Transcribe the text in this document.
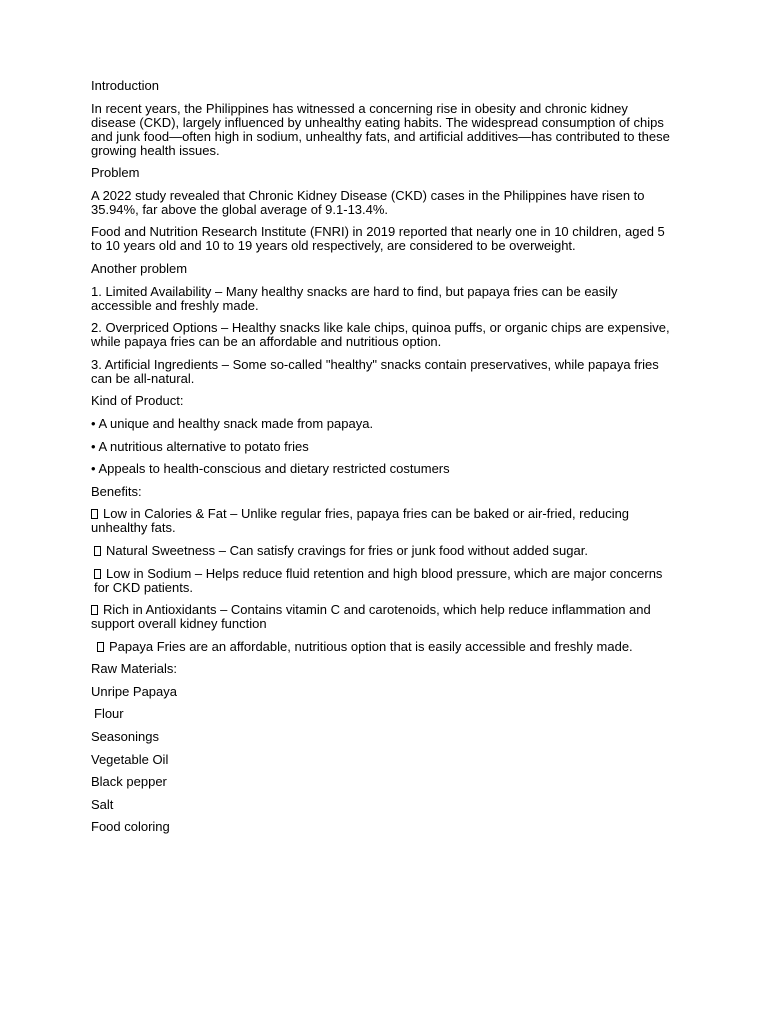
Introduction

In recent years, the Philippines has witnessed a concerning rise in obesity and chronic kidney disease (CKD), largely influenced by unhealthy eating habits. The widespread consumption of chips and junk food—often high in sodium, unhealthy fats, and artificial additives—has contributed to these growing health issues.

Problem

A 2022 study revealed that Chronic Kidney Disease (CKD) cases in the Philippines have risen to 35.94%, far above the global average of 9.1-13.4%.

Food and Nutrition Research Institute (FNRI) in 2019 reported that nearly one in 10 children, aged 5 to 10 years old and 10 to 19 years old respectively, are considered to be overweight.

Another problem

1. Limited Availability – Many healthy snacks are hard to find, but papaya fries can be easily accessible and freshly made.

2. Overpriced Options – Healthy snacks like kale chips, quinoa puffs, or organic chips are expensive, while papaya fries can be an affordable and nutritious option.

3. Artificial Ingredients – Some so-called "healthy" snacks contain preservatives, while papaya fries can be all-natural.

Kind of Product:

• A unique and healthy snack made from papaya.

• A nutritious alternative to potato fries

• Appeals to health-conscious and dietary restricted costumers

Benefits:

Low in Calories & Fat – Unlike regular fries, papaya fries can be baked or air-fried, reducing unhealthy fats.

Natural Sweetness – Can satisfy cravings for fries or junk food without added sugar.

Low in Sodium – Helps reduce fluid retention and high blood pressure, which are major concerns for CKD patients.

Rich in Antioxidants – Contains vitamin C and carotenoids, which help reduce inflammation and support overall kidney function

Papaya Fries are an affordable, nutritious option that is easily accessible and freshly made.

Raw Materials:

Unripe Papaya

Flour

Seasonings

Vegetable Oil

Black pepper

Salt

Food coloring
